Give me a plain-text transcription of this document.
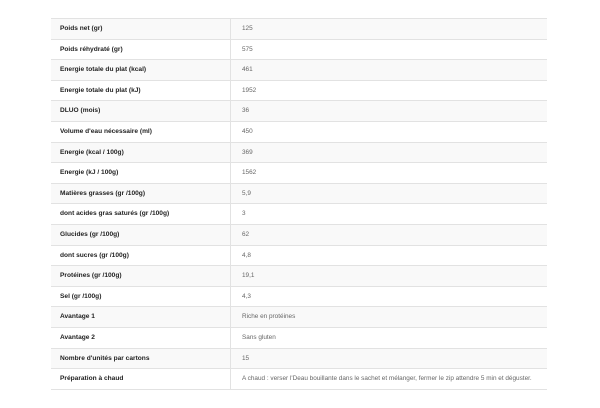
Poids net (gr)	125
Poids réhydraté (gr)	575
Energie totale du plat (kcal)	461
Energie totale du plat (kJ)	1952
DLUO (mois)	36
Volume d'eau nécessaire (ml)	450
Energie (kcal / 100g)	369
Energie (kJ / 100g)	1562
Matières grasses (gr /100g)	5,9
dont acides gras saturés (gr /100g)	3
Glucides (gr /100g)	62
dont sucres (gr /100g)	4,8
Protéines (gr /100g)	19,1
Sel (gr /100g)	4,3
Avantage 1	Riche en protéines
Avantage 2	Sans gluten
Nombre d'unités par cartons	15
Préparation à chaud	A chaud : verser l'Deau bouillante dans le sachet et mélanger, fermer le zip attendre 5 min et déguster.
